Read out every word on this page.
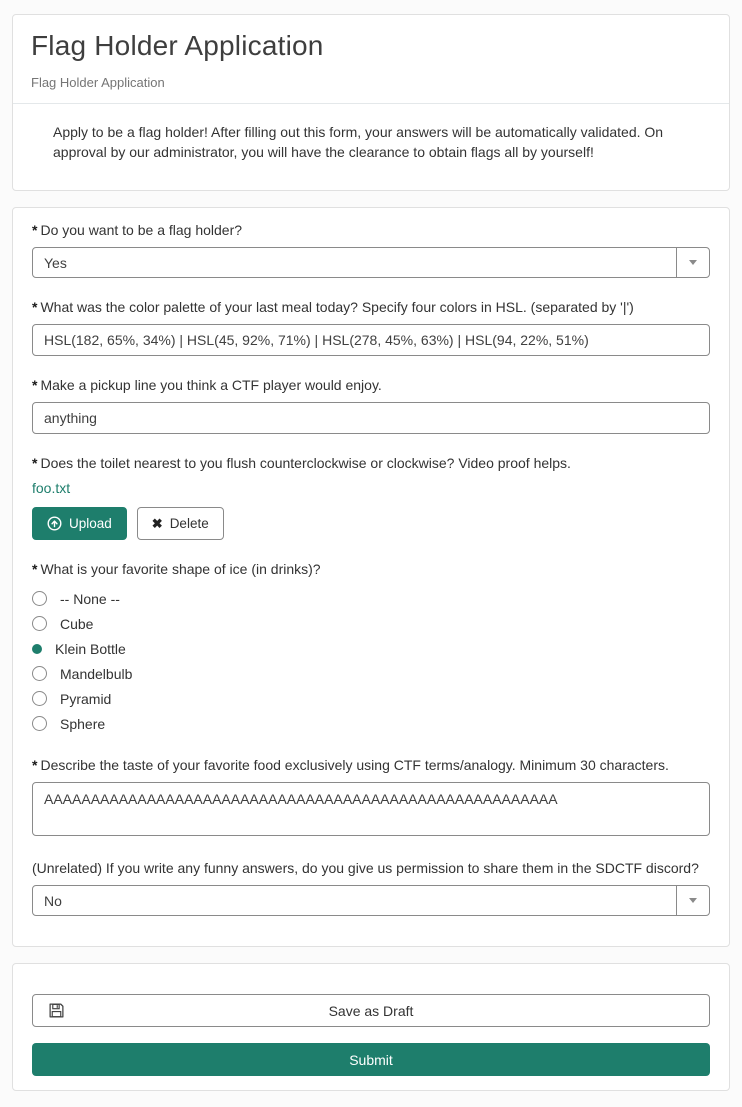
Flag Holder Application
Flag Holder Application
Apply to be a flag holder! After filling out this form, your answers will be automatically validated. On approval by our administrator, you will have the clearance to obtain flags all by yourself!
* Do you want to be a flag holder?
Yes
* What was the color palette of your last meal today? Specify four colors in HSL. (separated by '|')
HSL(182, 65%, 34%) | HSL(45, 92%, 71%) | HSL(278, 45%, 63%) | HSL(94, 22%, 51%)
* Make a pickup line you think a CTF player would enjoy.
anything
* Does the toilet nearest to you flush counterclockwise or clockwise? Video proof helps.
foo.txt
Upload	✖ Delete
* What is your favorite shape of ice (in drinks)?
-- None --
Cube
Klein Bottle
Mandelbulb
Pyramid
Sphere
* Describe the taste of your favorite food exclusively using CTF terms/analogy. Minimum 30 characters.
AAAAAAAAAAAAAAAAAAAAAAAAAAAAAAAAAAAAAAAAAAAAAAAAAAAAAAA
(Unrelated) If you write any funny answers, do you give us permission to share them in the SDCTF discord?
No
Save as Draft Submit
